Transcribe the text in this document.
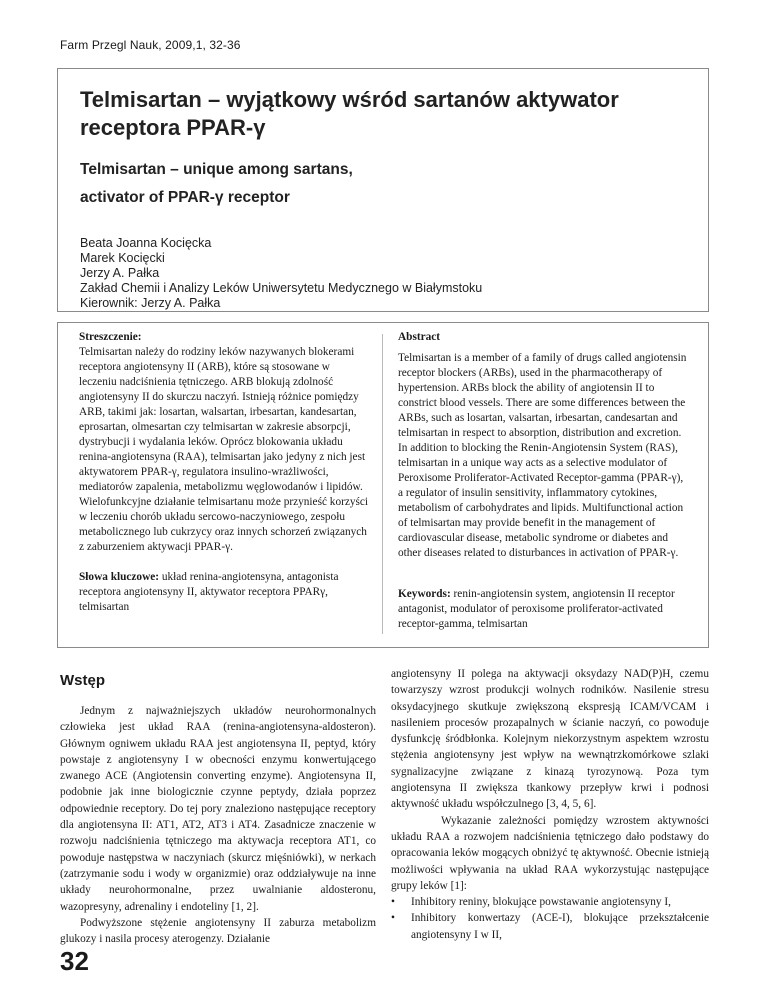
Farm Przegl Nauk, 2009,1, 32-36
Telmisartan – wyjątkowy wśród sartanów aktywator
receptora PPAR-γ
Telmisartan – unique among sartans,
activator of PPAR-γ receptor
Beata Joanna Kocięcka
Marek Kocięcki
Jerzy A. Pałka
Zakład Chemii i Analizy Leków Uniwersytetu Medycznego w Białymstoku
Kierownik: Jerzy A. Pałka
Streszczenie:
Telmisartan należy do rodziny leków nazywanych blokerami receptora angiotensyny II (ARB), które są stosowane w leczeniu nadciśnienia tętniczego. ARB blokują zdolność angiotensyny II do skurczu naczyń. Istnieją różnice pomiędzy ARB, takimi jak: losartan, walsartan, irbesartan, kandesartan, eprosartan, olmesartan czy telmisartan w zakresie absorpcji, dystrybucji i wydalania leków. Oprócz blokowania układu renina-angiotensyna (RAA), telmisartan jako jedyny z nich jest aktywatorem PPAR-γ, regulatora insulino-wrażliwości, mediatorów zapalenia, metabolizmu węglowodanów i lipidów. Wielofunkcyjne działanie telmisartanu może przynieść korzyści w leczeniu chorób układu sercowo-naczyniowego, zespołu metabolicznego lub cukrzycy oraz innych schorzeń związanych z zaburzeniem aktywacji PPAR-γ.
Słowa kluczowe: układ renina-angiotensyna, antagonista receptora angiotensyny II, aktywator receptora PPARγ, telmisartan
Abstract
Telmisartan is a member of a family of drugs called angiotensin receptor blockers (ARBs), used in the pharmacotherapy of hypertension. ARBs block the ability of angiotensin II to constrict blood vessels. There are some differences between the ARBs, such as losartan, valsartan, irbesartan, candesartan and telmisartan in respect to absorption, distribution and excretion. In addition to blocking the Renin-Angiotensin System (RAS), telmisartan in a unique way acts as a selective modulator of Peroxisome Proliferator-Activated Receptor-gamma (PPAR-γ), a regulator of insulin sensitivity, inflammatory cytokines, metabolism of carbohydrates and lipids. Multifunctional action of telmisartan may provide benefit in the management of cardiovascular disease, metabolic syndrome or diabetes and other diseases related to disturbances in activation of PPAR-γ.
Keywords: renin-angiotensin system, angiotensin II receptor antagonist, modulator of peroxisome proliferator-activated receptor-gamma, telmisartan
Wstęp

Jednym z najważniejszych układów neurohormonalnych człowieka jest układ RAA (renina-angiotensyna-aldosteron). Głównym ogniwem układu RAA jest angiotensyna II, peptyd, który powstaje z angiotensyny I w obecności enzymu konwertującego zwanego ACE (Angiotensin converting enzyme). Angiotensyna II, podobnie jak inne biologicznie czynne peptydy, działa poprzez odpowiednie receptory. Do tej pory znaleziono następujące receptory dla angiotensyna II: AT1, AT2, AT3 i AT4. Zasadnicze znaczenie w rozwoju nadciśnienia tętniczego ma aktywacja receptora AT1, co powoduje następstwa w naczyniach (skurcz mięśniówki), w nerkach (zatrzymanie sodu i wody w organizmie) oraz oddziaływuje na inne układy neurohormonalne, przez uwalnianie aldosteronu, wazopresyny, adrenaliny i endoteliny [1, 2].

Podwyższone stężenie angiotensyny II zaburza metabolizm glukozy i nasila procesy aterogenzy. Działanie

angiotensyny II polega na aktywacji oksydazy NAD(P)H, czemu towarzyszy wzrost produkcji wolnych rodników. Nasilenie stresu oksydacyjnego skutkuje zwiększoną ekspresją ICAM/VCAM i nasileniem procesów prozapalnych w ścianie naczyń, co powoduje dysfunkcję śródbłonka. Kolejnym niekorzystnym aspektem wzrostu stężenia angiotensyny jest wpływ na wewnątrzkomórkowe szlaki sygnalizacyjne związane z kinazą tyrozynową. Poza tym angiotensyna II zwiększa tkankowy przepływ krwi i podnosi aktywność układu współczulnego [3, 4, 5, 6].

Wykazanie zależności pomiędzy wzrostem aktywności układu RAA a rozwojem nadciśnienia tętniczego dało podstawy do opracowania leków mogących obniżyć tę aktywność. Obecnie istnieją możliwości wpływania na układ RAA wykorzystując następujące grupy leków [1]:

• Inhibitory reniny, blokujące powstawanie angiotensyny I,
• Inhibitory konwertazy (ACE-I), blokujące przekształcenie angiotensyny I w II,
32
